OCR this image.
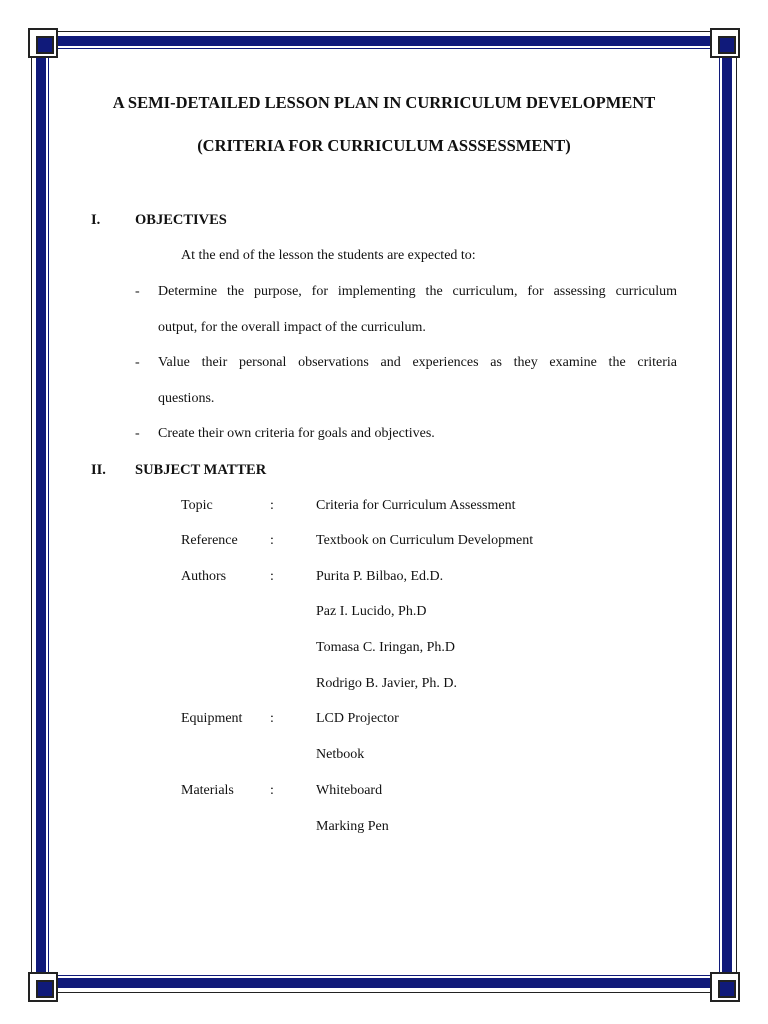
A SEMI-DETAILED LESSON PLAN IN CURRICULUM DEVELOPMENT
(CRITERIA FOR CURRICULUM ASSSESSMENT)
I. OBJECTIVES
At the end of the lesson the students are expected to:
- Determine the purpose, for implementing the curriculum, for assessing curriculum
output, for the overall impact of the curriculum.
- Value their personal observations and experiences as they examine the criteria
questions.
- Create their own criteria for goals and objectives.
II. SUBJECT MATTER
Topic	:	Criteria for Curriculum Assessment
Reference :	Textbook on Curriculum Development
Authors	:	Purita P. Bilbao, Ed.D.
Paz I. Lucido, Ph.D
Tomasa C. Iringan, Ph.D
Rodrigo B. Javier, Ph. D.
Equipment :	LCD Projector
Netbook
Materials	:	Whiteboard
Marking Pen
